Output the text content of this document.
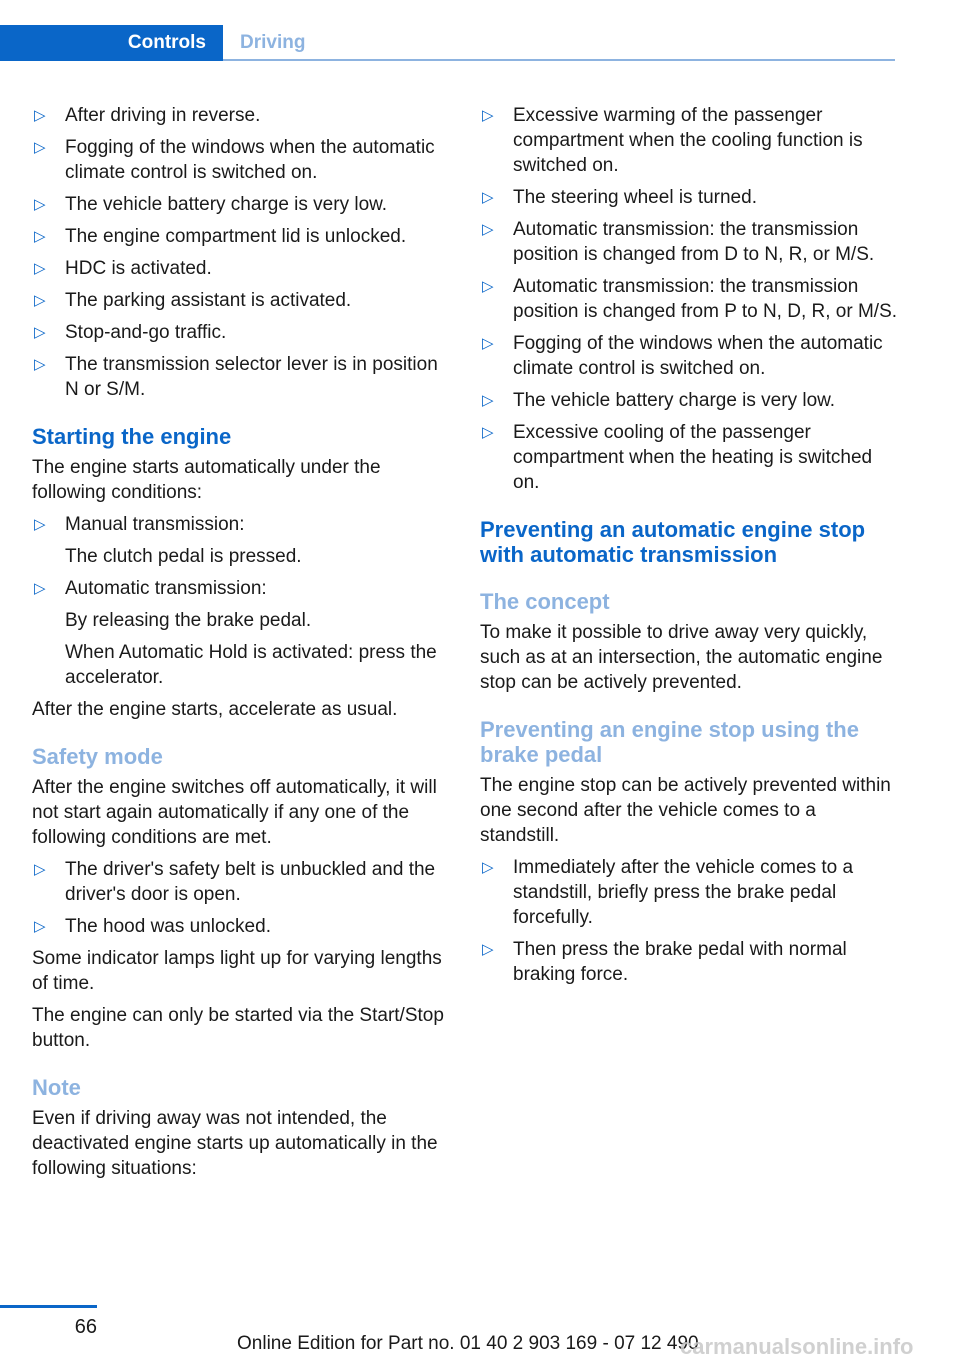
Controls	Driving
▷ After driving in reverse.
▷ Fogging of the windows when the automatic climate control is switched on.
▷ The vehicle battery charge is very low.
▷ The engine compartment lid is unlocked.
▷ HDC is activated.
▷ The parking assistant is activated.
▷ Stop-and-go traffic.
▷ The transmission selector lever is in position N or S/M.
Starting the engine
The engine starts automatically under the following conditions:
▷ Manual transmission:
The clutch pedal is pressed.
▷ Automatic transmission:
By releasing the brake pedal.
When Automatic Hold is activated: press the accelerator.
After the engine starts, accelerate as usual.
Safety mode
After the engine switches off automatically, it will not start again automatically if any one of the following conditions are met.
▷ The driver's safety belt is unbuckled and the driver's door is open.
▷ The hood was unlocked.
Some indicator lamps light up for varying lengths of time.
The engine can only be started via the Start/Stop button.
Note
Even if driving away was not intended, the deactivated engine starts up automatically in the following situations:
▷ Excessive warming of the passenger compartment when the cooling function is switched on.
▷ The steering wheel is turned.
▷ Automatic transmission: the transmission position is changed from D to N, R, or M/S.
▷ Automatic transmission: the transmission position is changed from P to N, D, R, or M/S.
▷ Fogging of the windows when the automatic climate control is switched on.
▷ The vehicle battery charge is very low.
▷ Excessive cooling of the passenger compartment when the heating is switched on.
Preventing an automatic engine stop with automatic transmission
The concept
To make it possible to drive away very quickly, such as at an intersection, the automatic engine stop can be actively prevented.
Preventing an engine stop using the brake pedal
The engine stop can be actively prevented within one second after the vehicle comes to a standstill.
▷ Immediately after the vehicle comes to a standstill, briefly press the brake pedal forcefully.
▷ Then press the brake pedal with normal braking force.
66
Online Edition for Part no. 01 40 2 903 169 - 07 12 490
carmanualsonline.info
